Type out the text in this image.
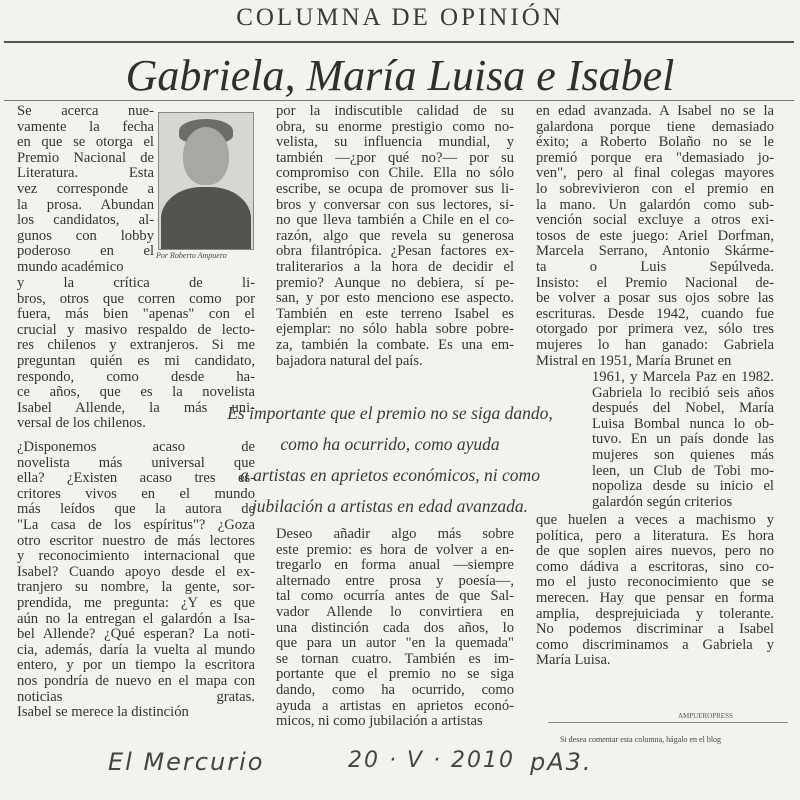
COLUMNA DE OPINIÓN
Gabriela, María Luisa e Isabel
Se acerca nue-
vamente la fecha
en que se otorga el
Premio Nacional de
Literatura. Esta
vez corresponde a
la prosa. Abundan
los candidatos, al-
gunos con lobby
poderoso en el
mundo académico
Por Roberto Ampuero
y la crítica de li-
bros, otros que corren como por
fuera, más bien "apenas" con el
crucial y masivo respaldo de lecto-
res chilenos y extranjeros. Si me
preguntan quién es mi candidato,
respondo, como desde ha-
ce años, que es la novelista
Isabel Allende, la más uni-
versal de los chilenos.
¿Disponemos acaso de
novelista más universal que
ella? ¿Existen acaso tres es-
critores vivos en el mundo
más leídos que la autora de
"La casa de los espíritus"? ¿Goza
otro escritor nuestro de más lectores
y reconocimiento internacional que
Isabel? Cuando apoyo desde el ex-
tranjero su nombre, la gente, sor-
prendida, me pregunta: ¿Y es que
aún no la entregan el galardón a Isa-
bel Allende? ¿Qué esperan? La noti-
cia, además, daría la vuelta al mundo
entero, y por un tiempo la escritora
nos pondría de nuevo en el mapa con
noticias gratas.
Isabel se merece la distinción
por la indiscutible calidad de su
obra, su enorme prestigio como no-
velista, su influencia mundial, y
también —¿por qué no?— por su
compromiso con Chile. Ella no sólo
escribe, se ocupa de promover sus li-
bros y conversar con sus lectores, si-
no que lleva también a Chile en el co-
razón, algo que revela su generosa
obra filantrópica. ¿Pesan factores ex-
traliterarios a la hora de decidir el
premio? Aunque no debiera, sí pe-
san, y por esto menciono ese aspecto.
También en este terreno Isabel es
ejemplar: no sólo habla sobre pobre-
za, también la combate. Es una em-
bajadora natural del país.
en edad avanzada. A Isabel no se la
galardona porque tiene demasiado
éxito; a Roberto Bolaño no se le
premió porque era "demasiado jo-
ven", pero al final colegas mayores
lo sobrevivieron con el premio en
la mano. Un galardón como sub-
vención social excluye a otros exi-
tosos de este juego: Ariel Dorfman,
Marcela Serrano, Antonio Skárme-
ta o Luis Sepúlveda.
Insisto: el Premio Nacional de-
be volver a posar sus ojos sobre las
escrituras. Desde 1942, cuando fue
otorgado por primera vez, sólo tres
mujeres lo han ganado: Gabriela
Mistral en 1951, María Brunet en
1961, y Marcela Paz en 1982.
Gabriela lo recibió seis años
después del Nobel, María
Luisa Bombal nunca lo ob-
tuvo. En un país donde las
mujeres son quienes más
leen, un Club de Tobi mo-
nopoliza desde su inicio el
galardón según criterios
que huelen a veces a machismo y
política, pero a literatura. Es hora
de que soplen aires nuevos, pero no
como dádiva a escritoras, sino co-
mo el justo reconocimiento que se
merecen. Hay que pensar en forma
amplia, desprejuiciada y tolerante.
No podemos discriminar a Isabel
como discriminamos a Gabriela y
María Luisa.
Es importante que el premio no se siga dando,
como ha ocurrido, como ayuda
a artistas en aprietos económicos, ni como
jubilación a artistas en edad avanzada.
Deseo añadir algo más sobre
este premio: es hora de volver a en-
tregarlo en forma anual —siempre
alternado entre prosa y poesía—,
tal como ocurría antes de que Sal-
vador Allende lo convirtiera en
una distinción cada dos años, lo
que para un autor "en la quemada"
se tornan cuatro. También es im-
portante que el premio no se siga
dando, como ha ocurrido, como
ayuda a artistas en aprietos econó-
micos, ni como jubilación a artistas	AMPUEROPRESS
Si desea comentar esta columna, hágalo en el blog
El Mercurio	20 · V · 2010 pA3.
